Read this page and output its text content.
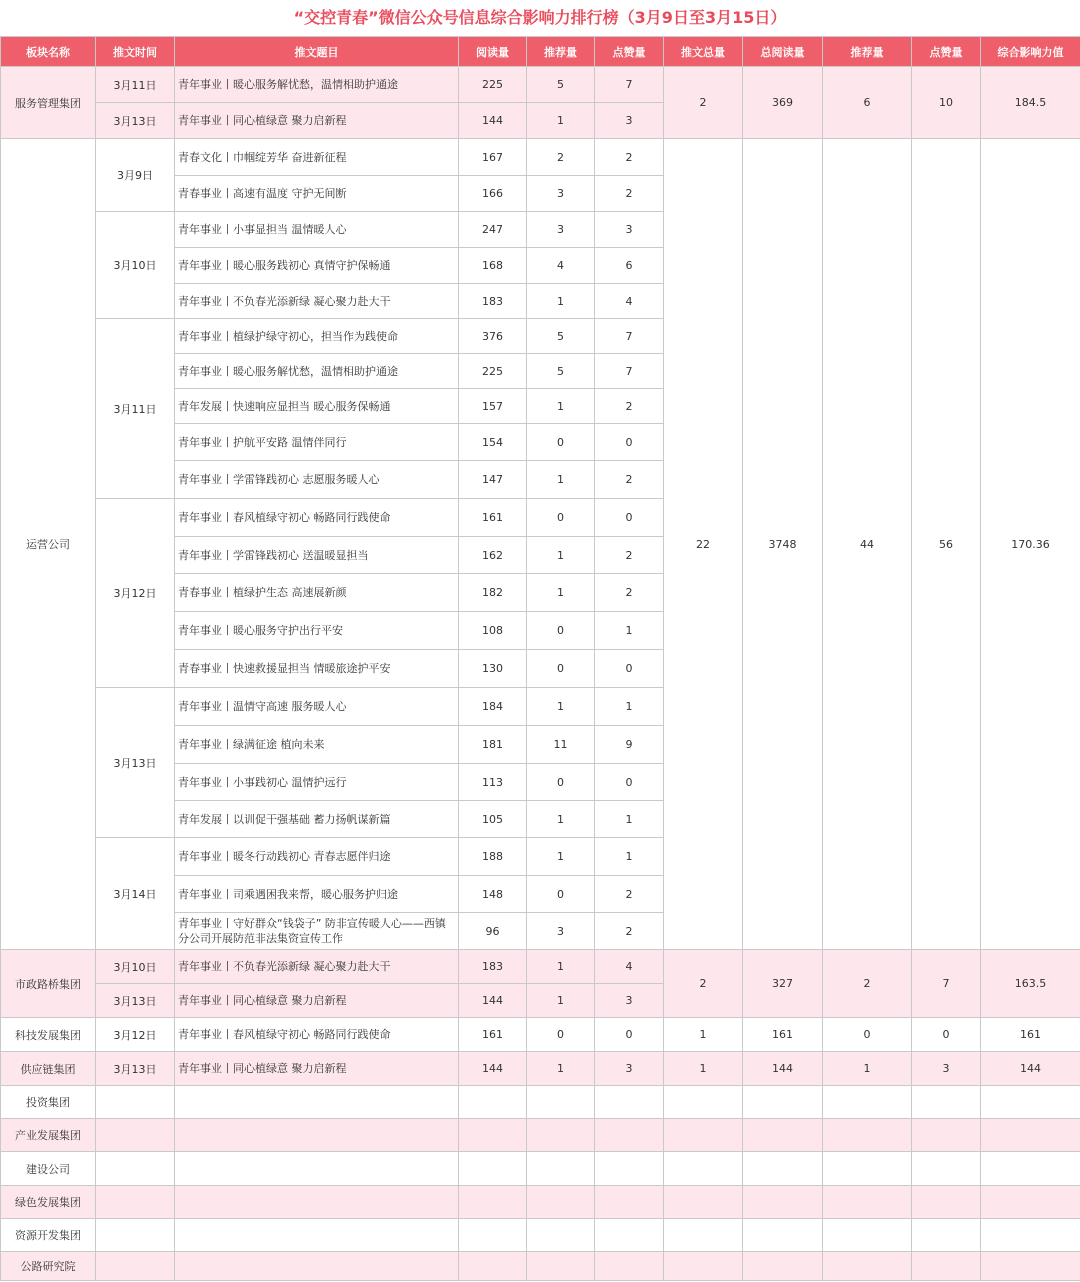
“交控青春”微信公众号信息综合影响力排行榜（3月9日至3月15日）
板块名称	推文时间	推文题目	阅读量	推荐量	点赞量	推文总量	总阅读量	推荐量	点赞量	综合影响力值
服务管理集团	3月11日	青年事业丨暖心服务解忧愁，温情相助护通途	225	5	7	2	369	6	10	184.5
	3月13日	青年事业丨同心植绿意 聚力启新程	144	1	3					
运营公司	3月9日	青春文化丨巾帼绽芳华 奋进新征程	167	2	2	22	3748	44	56	170.36
		青春事业丨高速有温度 守护无间断	166	3	2					
	3月10日	青年事业丨小事显担当 温情暖人心	247	3	3					
		青年事业丨暖心服务践初心 真情守护保畅通	168	4	6					
		青年事业丨不负春光添新绿 凝心聚力赴大干	183	1	4					
	3月11日	青年事业丨植绿护绿守初心，担当作为践使命	376	5	7					
		青年事业丨暖心服务解忧愁，温情相助护通途	225	5	7					
		青年发展丨快速响应显担当 暖心服务保畅通	157	1	2					
		青年事业丨护航平安路 温情伴同行	154	0	0					
		青年事业丨学雷锋践初心 志愿服务暖人心	147	1	2					
	3月12日	青年事业丨春风植绿守初心 畅路同行践使命	161	0	0					
		青年事业丨学雷锋践初心 送温暖显担当	162	1	2					
		青春事业丨植绿护生态 高速展新颜	182	1	2					
		青年事业丨暖心服务守护出行平安	108	0	1					
		青春事业丨快速救援显担当 情暖旅途护平安	130	0	0					
	3月13日	青年事业丨温情守高速 服务暖人心	184	1	1					
		青年事业丨绿满征途 植向未来	181	11	9					
		青年事业丨小事践初心 温情护远行	113	0	0					
		青年发展丨以训促干强基础 蓄力扬帆谋新篇	105	1	1					
	3月14日	青年事业丨暖冬行动践初心 青春志愿伴归途	188	1	1					
		青年事业丨司乘遇困我来帮，暖心服务护归途	148	0	2					
		青年事业丨守好群众“钱袋子” 防非宣传暖人心——西镇分公司开展防范非法集资宣传工作	96	3	2					
市政路桥集团	3月10日	青年事业丨不负春光添新绿 凝心聚力赴大干	183	1	4	2	327	2	7	163.5
	3月13日	青年事业丨同心植绿意 聚力启新程	144	1	3					
科技发展集团	3月12日	青年事业丨春风植绿守初心 畅路同行践使命	161	0	0	1	161	0	0	161
供应链集团	3月13日	青年事业丨同心植绿意 聚力启新程	144	1	3	1	144	1	3	144
投资集团										
产业发展集团										
建设公司										
绿色发展集团										
资源开发集团										
公路研究院										
